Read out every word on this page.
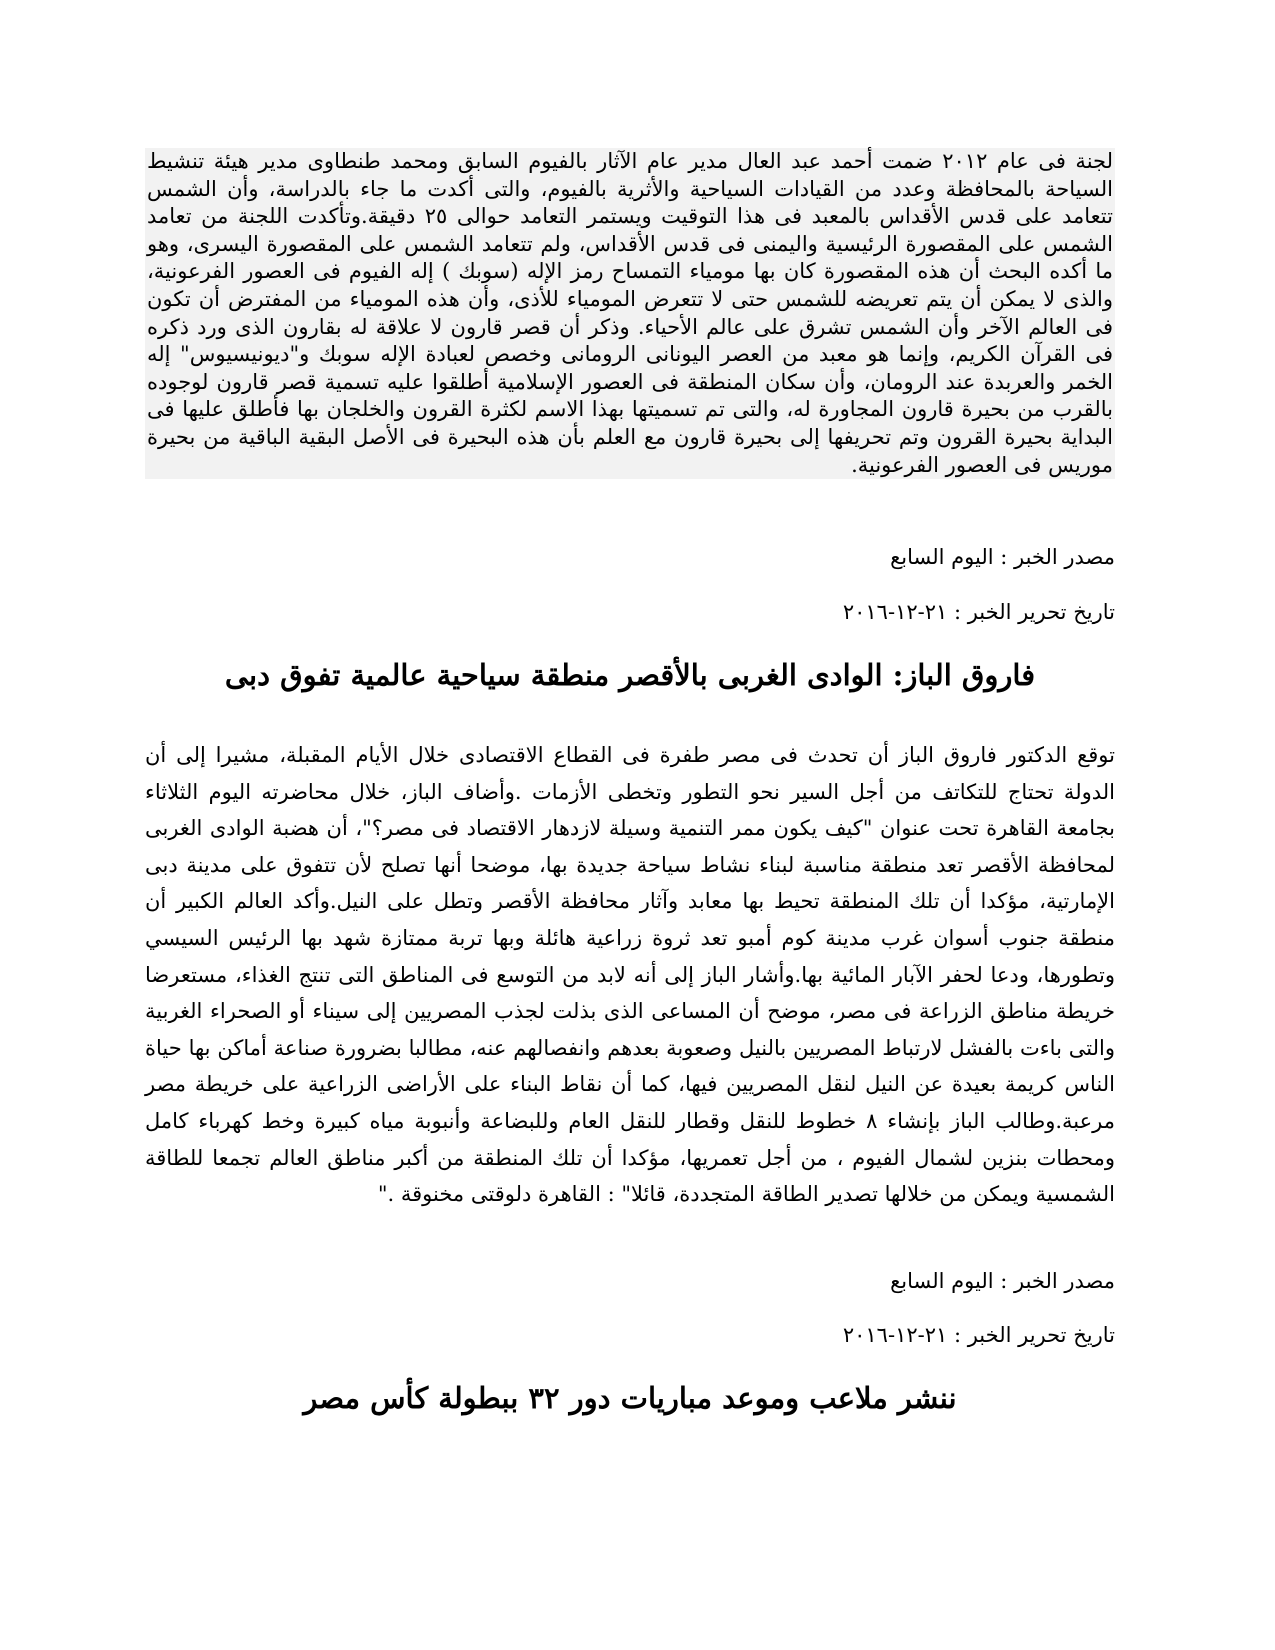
لجنة فى عام ٢٠١٢ ضمت أحمد عبد العال مدير عام الآثار بالفيوم السابق ومحمد طنطاوى مدير هيئة تنشيط السياحة بالمحافظة وعدد من القيادات السياحية والأثرية بالفيوم، والتى أكدت ما جاء بالدراسة، وأن الشمس تتعامد على قدس الأقداس بالمعبد فى هذا التوقيت ويستمر التعامد حوالى ٢٥ دقيقة.وتأكدت اللجنة من تعامد الشمس على المقصورة الرئيسية واليمنى فى قدس الأقداس، ولم تتعامد الشمس على المقصورة اليسرى، وهو ما أكده البحث أن هذه المقصورة كان بها مومياء التمساح رمز الإله (سوبك ) إله الفيوم فى العصور الفرعونية، والذى لا يمكن أن يتم تعريضه للشمس حتى لا تتعرض المومياء للأذى، وأن هذه المومياء من المفترض أن تكون فى العالم الآخر وأن الشمس تشرق على عالم الأحياء. وذكر أن قصر قارون لا علاقة له بقارون الذى ورد ذكره فى القرآن الكريم، وإنما هو معبد من العصر اليونانى الرومانى وخصص لعبادة الإله سوبك و"ديونيسيوس" إله الخمر والعربدة عند الرومان، وأن سكان المنطقة فى العصور الإسلامية أطلقوا عليه تسمية قصر قارون لوجوده بالقرب من بحيرة قارون المجاورة له، والتى تم تسميتها بهذا الاسم لكثرة القرون والخلجان بها فأطلق عليها فى البداية بحيرة القرون وتم تحريفها إلى بحيرة قارون مع العلم بأن هذه البحيرة فى الأصل البقية الباقية من بحيرة موريس فى العصور الفرعونية.

مصدر الخبر : اليوم السابع
تاريخ تحرير الخبر : ٢١-١٢-٢٠١٦
فاروق الباز: الوادى الغربى بالأقصر منطقة سياحية عالمية تفوق دبى

توقع الدكتور فاروق الباز أن تحدث فى مصر طفرة فى القطاع الاقتصادى خلال الأيام المقبلة، مشيرا إلى أن الدولة تحتاج للتكاتف من أجل السير نحو التطور وتخطى الأزمات .وأضاف الباز، خلال محاضرته اليوم الثلاثاء بجامعة القاهرة تحت عنوان "كيف يكون ممر التنمية وسيلة لازدهار الاقتصاد فى مصر؟"، أن هضبة الوادى الغربى لمحافظة الأقصر تعد منطقة مناسبة لبناء نشاط سياحة جديدة بها، موضحا أنها تصلح لأن تتفوق على مدينة دبى الإمارتية، مؤكدا أن تلك المنطقة تحيط بها معابد وآثار محافظة الأقصر وتطل على النيل.وأكد العالم الكبير أن منطقة جنوب أسوان غرب مدينة كوم أمبو تعد ثروة زراعية هائلة وبها تربة ممتازة شهد بها الرئيس السيسي وتطورها، ودعا لحفر الآبار المائية بها.وأشار الباز إلى أنه لابد من التوسع فى المناطق التى تنتج الغذاء، مستعرضا خريطة مناطق الزراعة فى مصر، موضح أن المساعى الذى بذلت لجذب المصريين إلى سيناء أو الصحراء الغربية والتى باءت بالفشل لارتباط المصريين بالنيل وصعوبة بعدهم وانفصالهم عنه، مطالبا بضرورة صناعة أماكن بها حياة الناس كريمة بعيدة عن النيل لنقل المصريين فيها، كما أن نقاط البناء على الأراضى الزراعية على خريطة مصر مرعبة.وطالب الباز بإنشاء ٨ خطوط للنقل وقطار للنقل العام وللبضاعة وأنبوبة مياه كبيرة وخط كهرباء كامل ومحطات بنزين لشمال الفيوم ، من أجل تعمريها، مؤكدا أن تلك المنطقة من أكبر مناطق العالم تجمعا للطاقة الشمسية ويمكن من خلالها تصدير الطاقة المتجددة، قائلا" : القاهرة دلوقتى مخنوقة ."

مصدر الخبر : اليوم السابع
تاريخ تحرير الخبر : ٢١-١٢-٢٠١٦
ننشر ملاعب وموعد مباريات دور ٣٢ ببطولة كأس مصر
